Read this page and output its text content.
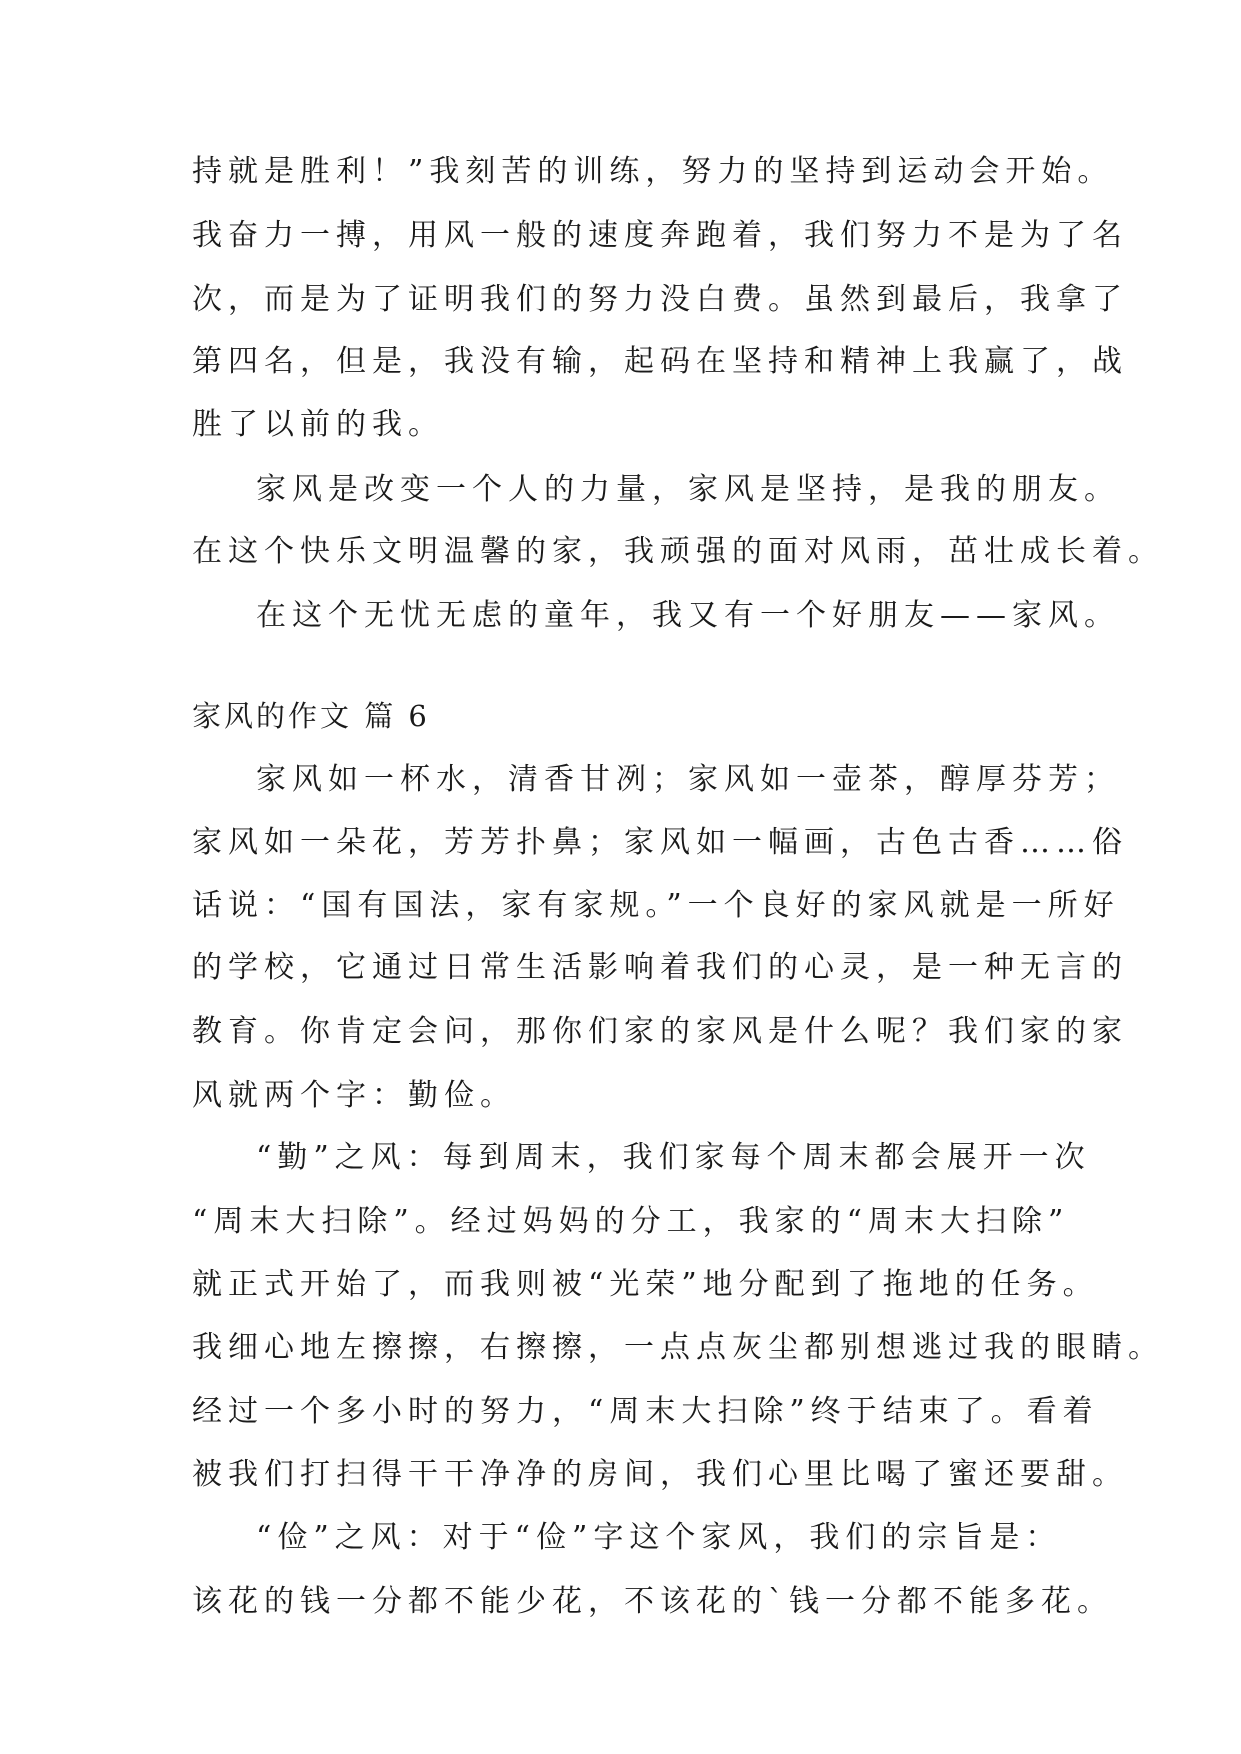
持就是胜利！”我刻苦的训练，努力的坚持到运动会开始。
我奋力一搏，用风一般的速度奔跑着，我们努力不是为了名
次，而是为了证明我们的努力没白费。虽然到最后，我拿了
第四名，但是，我没有输，起码在坚持和精神上我赢了，战
胜了以前的我。
家风是改变一个人的力量，家风是坚持，是我的朋友。
在这个快乐文明温馨的家，我顽强的面对风雨，茁壮成长着。
在这个无忧无虑的童年，我又有一个好朋友——家风。
家风的作文 篇 6
家风如一杯水，清香甘冽；家风如一壶茶，醇厚芬芳；
家风如一朵花，芳芳扑鼻；家风如一幅画，古色古香……俗
话说：“国有国法，家有家规。”一个良好的家风就是一所好
的学校，它通过日常生活影响着我们的心灵，是一种无言的
教育。你肯定会问，那你们家的家风是什么呢？我们家的家
风就两个字：勤俭。
“勤”之风：每到周末，我们家每个周末都会展开一次
“周末大扫除”。经过妈妈的分工，我家的“周末大扫除”
就正式开始了，而我则被“光荣”地分配到了拖地的任务。
我细心地左擦擦，右擦擦，一点点灰尘都别想逃过我的眼睛。
经过一个多小时的努力，“周末大扫除”终于结束了。看着
被我们打扫得干干净净的房间，我们心里比喝了蜜还要甜。
“俭”之风：对于“俭”字这个家风，我们的宗旨是：
该花的钱一分都不能少花，不该花的`钱一分都不能多花。
